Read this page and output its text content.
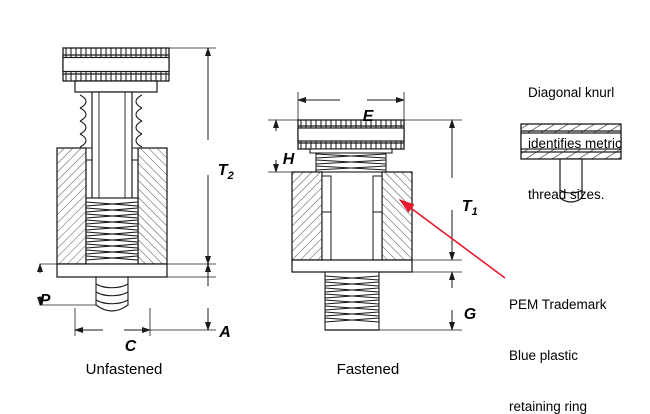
$T_2$

A

P

C

E

H

$T_1$

G

Unfastened
	Fastened

Diagonal knurl

identifies metric

thread sizes.

PEM Trademark

Blue plastic

retaining ring
